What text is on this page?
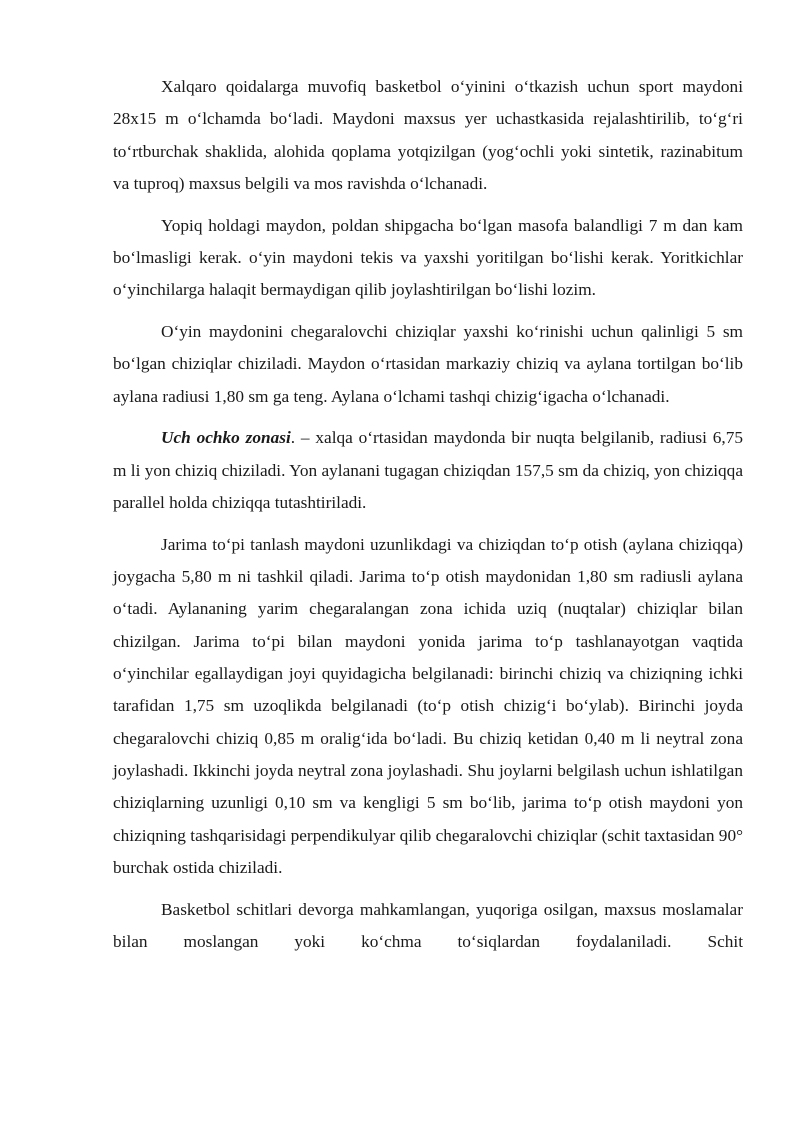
Xalqaro qoidalarga muvofiq basketbol o‘yinini o‘tkazish uchun sport maydoni 28x15 m o‘lchamda bo‘ladi. Maydoni maxsus yer uchastkasida rejalashtirilib, to‘g‘ri to‘rtburchak shaklida, alohida qoplama yotqizilgan (yog‘ochli yoki sintetik, razinabitum va tuproq) maxsus belgili va mos ravishda o‘lchanadi.

Yopiq holdagi maydon, poldan shipgacha bo‘lgan masofa balandligi 7 m dan kam bo‘lmasligi kerak. o‘yin maydoni tekis va yaxshi yoritilgan bo‘lishi kerak. Yoritkichlar o‘yinchilarga halaqit bermaydigan qilib joylashtirilgan bo‘lishi lozim.

O‘yin maydonini chegaralovchi chiziqlar yaxshi ko‘rinishi uchun qalinligi 5 sm bo‘lgan chiziqlar chiziladi. Maydon o‘rtasidan markaziy chiziq va aylana tortilgan bo‘lib aylana radiusi 1,80 sm ga teng. Aylana o‘lchami tashqi chizig‘igacha o‘lchanadi.

Uch ochko zonasi. – xalqa o‘rtasidan maydonda bir nuqta belgilanib, radiusi 6,75 m li yon chiziq chiziladi. Yon aylanani tugagan chiziqdan 157,5 sm da chiziq, yon chiziqqa parallel holda chiziqqa tutashtiriladi.

Jarima to‘pi tanlash maydoni uzunlikdagi va chiziqdan to‘p otish (aylana chiziqqa) joygacha 5,80 m ni tashkil qiladi. Jarima to‘p otish maydonidan 1,80 sm radiusli aylana o‘tadi. Aylananing yarim chegaralangan zona ichida uziq (nuqtalar) chiziqlar bilan chizilgan. Jarima to‘pi bilan maydoni yonida jarima to‘p tashlanayotgan vaqtida o‘yinchilar egallaydigan joyi quyidagicha belgilanadi: birinchi chiziq va chiziqning ichki tarafidan 1,75 sm uzoqlikda belgilanadi (to‘p otish chizig‘i bo‘ylab). Birinchi joyda chegaralovchi chiziq 0,85 m oralig‘ida bo‘ladi. Bu chiziq ketidan 0,40 m li neytral zona joylashadi. Ikkinchi joyda neytral zona joylashadi. Shu joylarni belgilash uchun ishlatilgan chiziqlarning uzunligi 0,10 sm va kengligi 5 sm bo‘lib, jarima to‘p otish maydoni yon chiziqning tashqarisidagi perpendikulyar qilib chegaralovchi chiziqlar (schit taxtasidan 90° burchak ostida chiziladi.

Basketbol schitlari devorga mahkamlangan, yuqoriga osilgan, maxsus moslamalar bilan moslangan yoki ko‘chma to‘siqlardan foydalaniladi. Schit
